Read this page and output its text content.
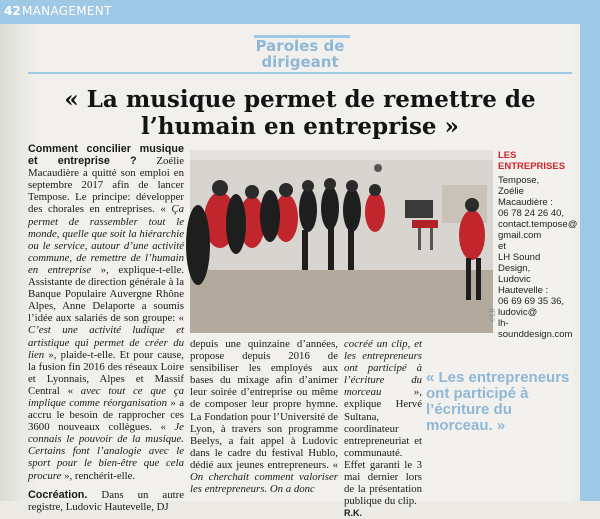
42 MANAGEMENT
Paroles de
dirigeant
« La musique permet de remettre de l’humain en entreprise »
Comment concilier musique et entreprise ? Zoélie Macaudière a quitté son emploi en septembre 2017 afin de lancer Tempose. Le principe: développer des chorales en entreprises. « Ça permet de rassembler tout le monde, quelle que soit la hiérarchie ou le service, autour d’une activité commune, de remettre de l’humain en entreprise », explique-t-elle. Assistante de direction générale à la Banque Populaire Auvergne Rhône Alpes, Anne Delaporte a soumis l’idée aux salariés de son groupe: « C’est une activité ludique et artistique qui permet de créer du lien », plaide-t-elle. Et pour cause, la fusion fin 2016 des réseaux Loire et Lyonnais, Alpes et Massif Central « avec tout ce que ça implique comme réorganisation » a accru le besoin de rapprocher ces 3600 nouveaux collègues. « Je connais le pouvoir de la musique. Certains font l’analogie avec le sport pour le bien-être que cela procure », renchérit-elle.

Cocréation. Dans un autre registre, Ludovic Hautevelle, DJ
©LB
LES ENTREPRISES
Tempose,
Zoélie Macaudière :
06 78 24 26 40,
contact.tempose@
gmail.com
et
LH Sound Design,
Ludovic Hautevelle :
06 69 69 35 36,
ludovic@
lh-sounddesign.com
depuis une quinzaine d’années, propose depuis 2016 de sensibiliser les employés aux bases du mixage afin d’animer leur soirée d’entreprise ou même de composer leur propre hymne. La Fondation pour l’Université de Lyon, à travers son programme Beelys, a fait appel à Ludovic dans le cadre du festival Hublo, dédié aux jeunes entrepreneurs. « On cherchait comment valoriser les entrepreneurs. On a donc
cocréé un clip, et les entrepreneurs ont participé à l’écriture du morceau », explique Hervé Sultana, coordinateur entrepreneuriat et communauté. Effet garanti le 3 mai dernier lors de la présentation publique du clip.
R.K.
« Les entrepreneurs ont participé à l’écriture du morceau. »
